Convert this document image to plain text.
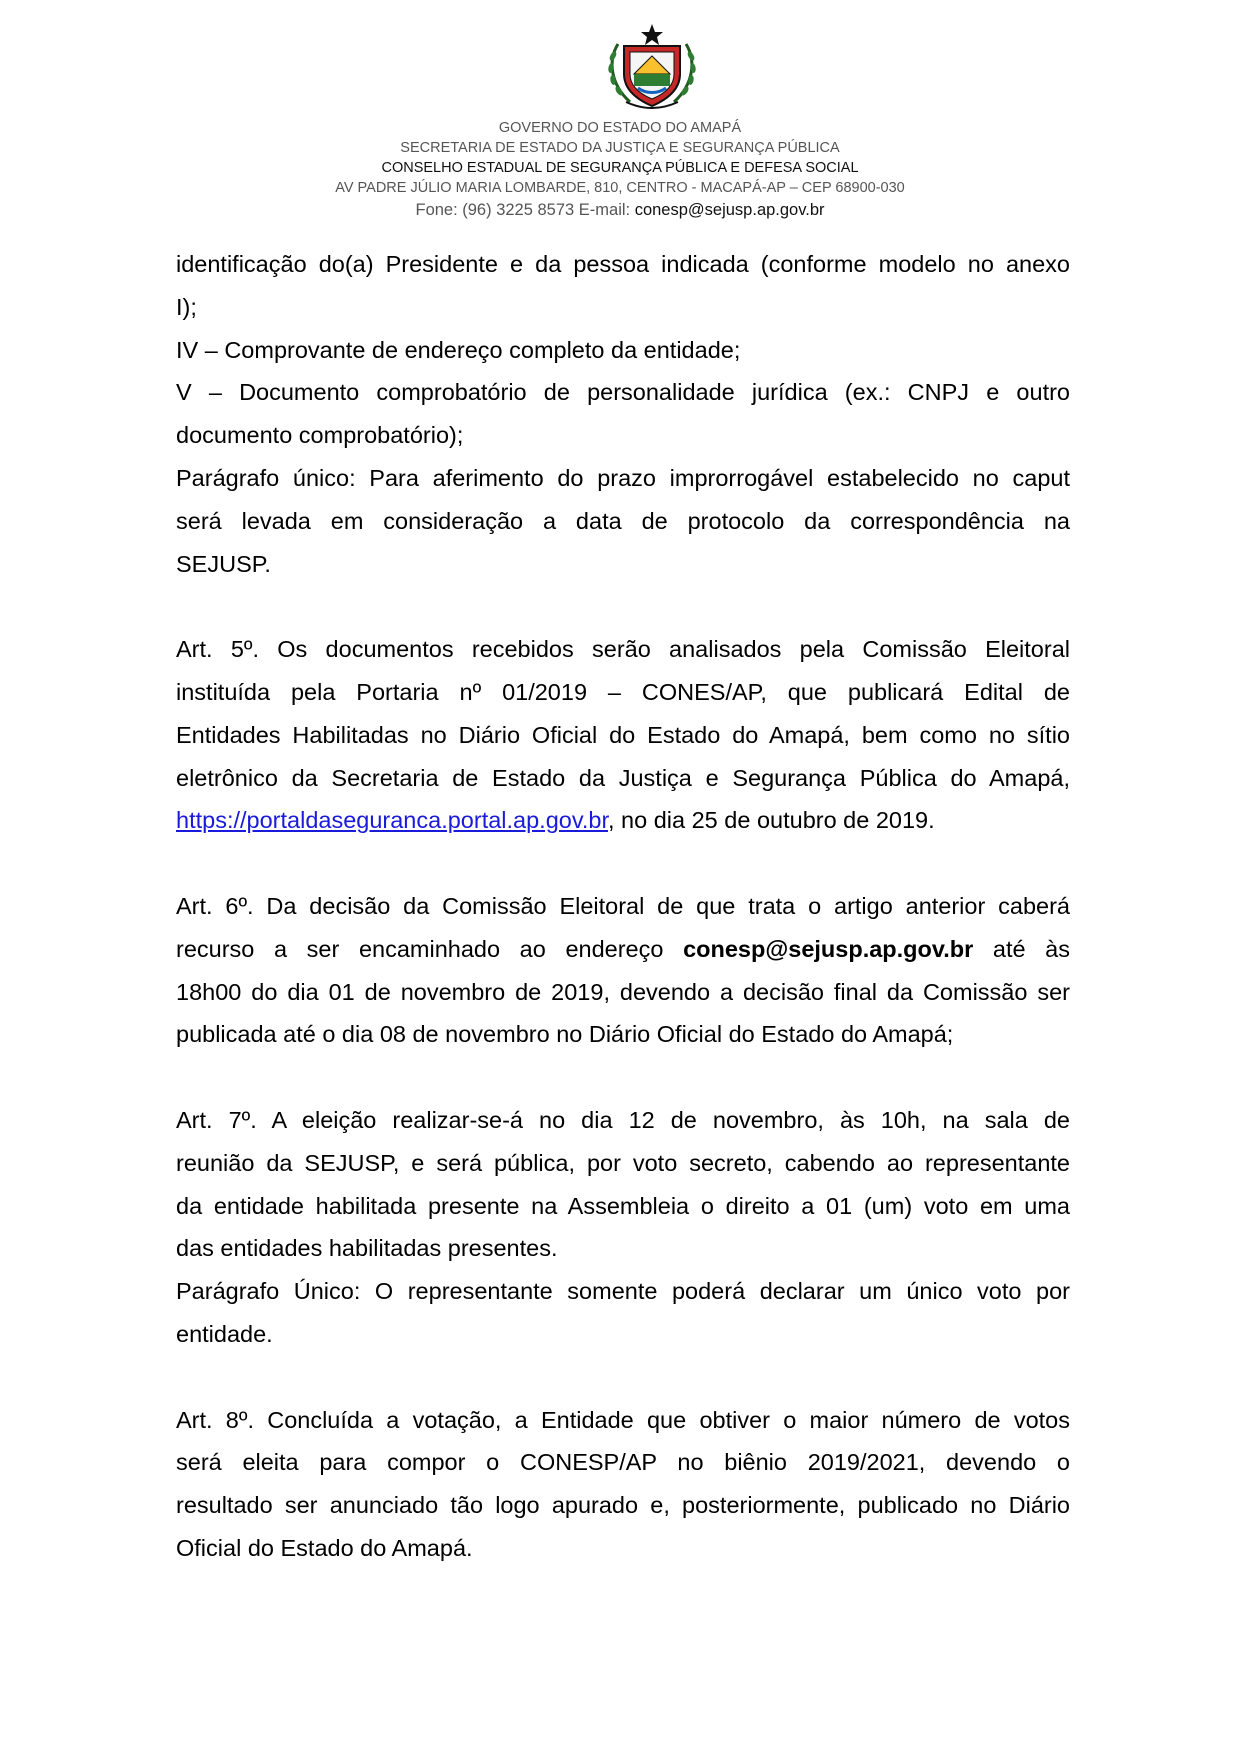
GOVERNO DO ESTADO DO AMAPÁ
SECRETARIA DE ESTADO DA JUSTIÇA E SEGURANÇA PÚBLICA
CONSELHO ESTADUAL DE SEGURANÇA PÚBLICA E DEFESA SOCIAL
AV PADRE JÚLIO MARIA LOMBARDE, 810, CENTRO - MACAPÁ-AP – CEP 68900-030
Fone: (96) 3225 8573 E-mail: conesp@sejusp.ap.gov.br

identificação do(a) Presidente e da pessoa indicada (conforme modelo no anexo

I);

IV – Comprovante de endereço completo da entidade;

V – Documento comprobatório de personalidade jurídica (ex.: CNPJ e outro

documento comprobatório);

Parágrafo único: Para aferimento do prazo improrrogável estabelecido no caput

será levada em consideração a data de protocolo da correspondência na

SEJUSP.

Art. 5º. Os documentos recebidos serão analisados pela Comissão Eleitoral

instituída pela Portaria nº 01/2019 – CONES/AP, que publicará Edital de

Entidades Habilitadas no Diário Oficial do Estado do Amapá, bem como no sítio

eletrônico da Secretaria de Estado da Justiça e Segurança Pública do Amapá,

https://portaldaseguranca.portal.ap.gov.br, no dia 25 de outubro de 2019.

Art. 6º. Da decisão da Comissão Eleitoral de que trata o artigo anterior caberá

recurso a ser encaminhado ao endereço conesp@sejusp.ap.gov.br até às

18h00 do dia 01 de novembro de 2019, devendo a decisão final da Comissão ser

publicada até o dia 08 de novembro no Diário Oficial do Estado do Amapá;

Art. 7º. A eleição realizar-se-á no dia 12 de novembro, às 10h, na sala de

reunião da SEJUSP, e será pública, por voto secreto, cabendo ao representante

da entidade habilitada presente na Assembleia o direito a 01 (um) voto em uma

das entidades habilitadas presentes.

Parágrafo Único: O representante somente poderá declarar um único voto por

entidade.

Art. 8º. Concluída a votação, a Entidade que obtiver o maior número de votos

será eleita para compor o CONESP/AP no biênio 2019/2021, devendo o

resultado ser anunciado tão logo apurado e, posteriormente, publicado no Diário

Oficial do Estado do Amapá.
